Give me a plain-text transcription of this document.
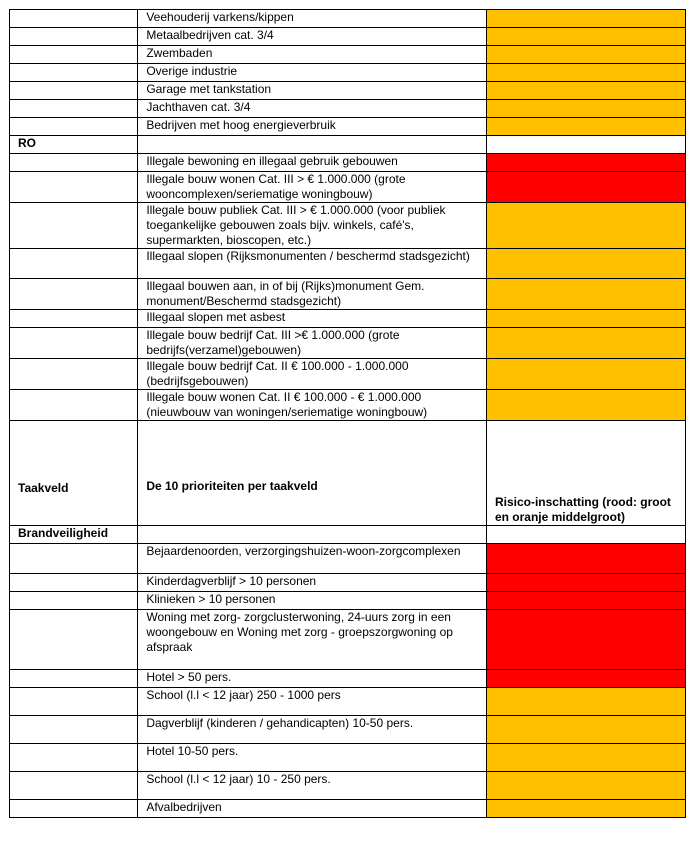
	Veehouderij varkens/kippen	
	Metaalbedrijven cat. 3/4	
	Zwembaden	
	Overige industrie	
	Garage met tankstation	
	Jachthaven cat. 3/4	
	Bedrijven met hoog energieverbruik	
RO		
	Illegale bewoning en illegaal gebruik gebouwen	
	Illegale bouw wonen Cat. III > € 1.000.000 (grote wooncomplexen/seriematige woningbouw)	
	Illegale bouw publiek Cat. III > € 1.000.000 (voor publiek toegankelijke gebouwen zoals bijv. winkels, café's, supermarkten, bioscopen, etc.)	
	Illegaal slopen (Rijksmonumenten / beschermd stadsgezicht)	
	Illegaal bouwen aan, in of bij (Rijks)monument Gem. monument/Beschermd stadsgezicht)	
	Illegaal slopen met asbest	
	Illegale bouw bedrijf Cat. III >€ 1.000.000 (grote bedrijfs(verzamel)gebouwen)	
	Illegale bouw bedrijf Cat. II € 100.000 - 1.000.000 (bedrijfsgebouwen)	
	Illegale bouw wonen Cat. II € 100.000 - € 1.000.000 (nieuwbouw van woningen/seriematige woningbouw)	
Taakveld	De 10 prioriteiten per taakveld	Risico-inschatting (rood: groot en oranje middelgroot)
Brandveiligheid		
	Bejaardenoorden, verzorgingshuizen-woon-zorgcomplexen	
	Kinderdagverblijf > 10 personen	
	Klinieken > 10 personen	
	Woning met zorg- zorgclusterwoning, 24-uurs zorg in een woongebouw en Woning met zorg - groepszorgwoning op afspraak	
	Hotel > 50 pers.	
	School (l.l < 12 jaar) 250 - 1000 pers	
	Dagverblijf (kinderen / gehandicapten) 10-50 pers.	
	Hotel 10-50 pers.	
	School (l.l < 12 jaar) 10 - 250 pers.	
	Afvalbedrijven	
